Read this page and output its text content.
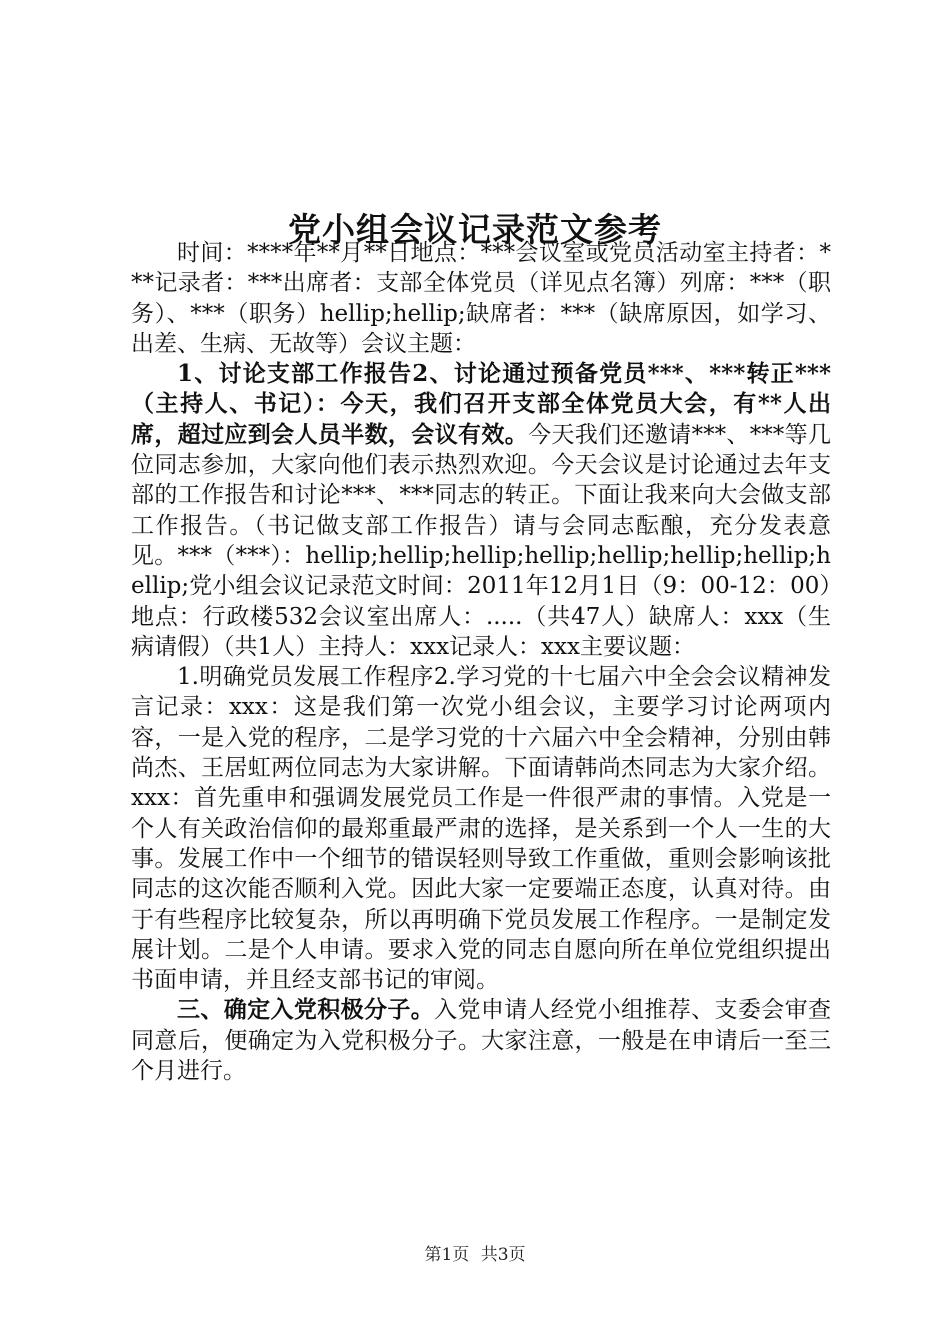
党小组会议记录范文参考

时间：****年**月**日地点：***会议室或党员活动室主持者：***记录者：***出席者：支部全体党员（详见点名簿）列席：***（职务）、***（职务）hellip;hellip;缺席者：***（缺席原因，如学习、出差、生病、无故等）会议主题：

1、讨论支部工作报告2、讨论通过预备党员***、***转正***（主持人、书记）：今天，我们召开支部全体党员大会，有**人出席，超过应到会人员半数，会议有效。今天我们还邀请***、***等几位同志参加，大家向他们表示热烈欢迎。今天会议是讨论通过去年支部的工作报告和讨论***、***同志的转正。下面让我来向大会做支部工作报告。（书记做支部工作报告）请与会同志酝酿，充分发表意见。***（***）：hellip;hellip;hellip;hellip;hellip;hellip;hellip;hellip;党小组会议记录范文时间：2011年12月1日（9：00-12：00）地点：行政楼532会议室出席人：.....（共47人）缺席人：xxx（生病请假）（共1人）主持人：xxx记录人：xxx主要议题：

1.明确党员发展工作程序2.学习党的十七届六中全会会议精神发言记录：xxx：这是我们第一次党小组会议，主要学习讨论两项内容，一是入党的程序，二是学习党的十六届六中全会精神，分别由韩尚杰、王居虹两位同志为大家讲解。下面请韩尚杰同志为大家介绍。xxx：首先重申和强调发展党员工作是一件很严肃的事情。入党是一个人有关政治信仰的最郑重最严肃的选择，是关系到一个人一生的大事。发展工作中一个细节的错误轻则导致工作重做，重则会影响该批同志的这次能否顺利入党。因此大家一定要端正态度，认真对待。由于有些程序比较复杂，所以再明确下党员发展工作程序。一是制定发展计划。二是个人申请。要求入党的同志自愿向所在单位党组织提出书面申请，并且经支部书记的审阅。

三、确定入党积极分子。入党申请人经党小组推荐、支委会审查同意后，便确定为入党积极分子。大家注意，一般是在申请后一至三个月进行。

第1页 共3页
